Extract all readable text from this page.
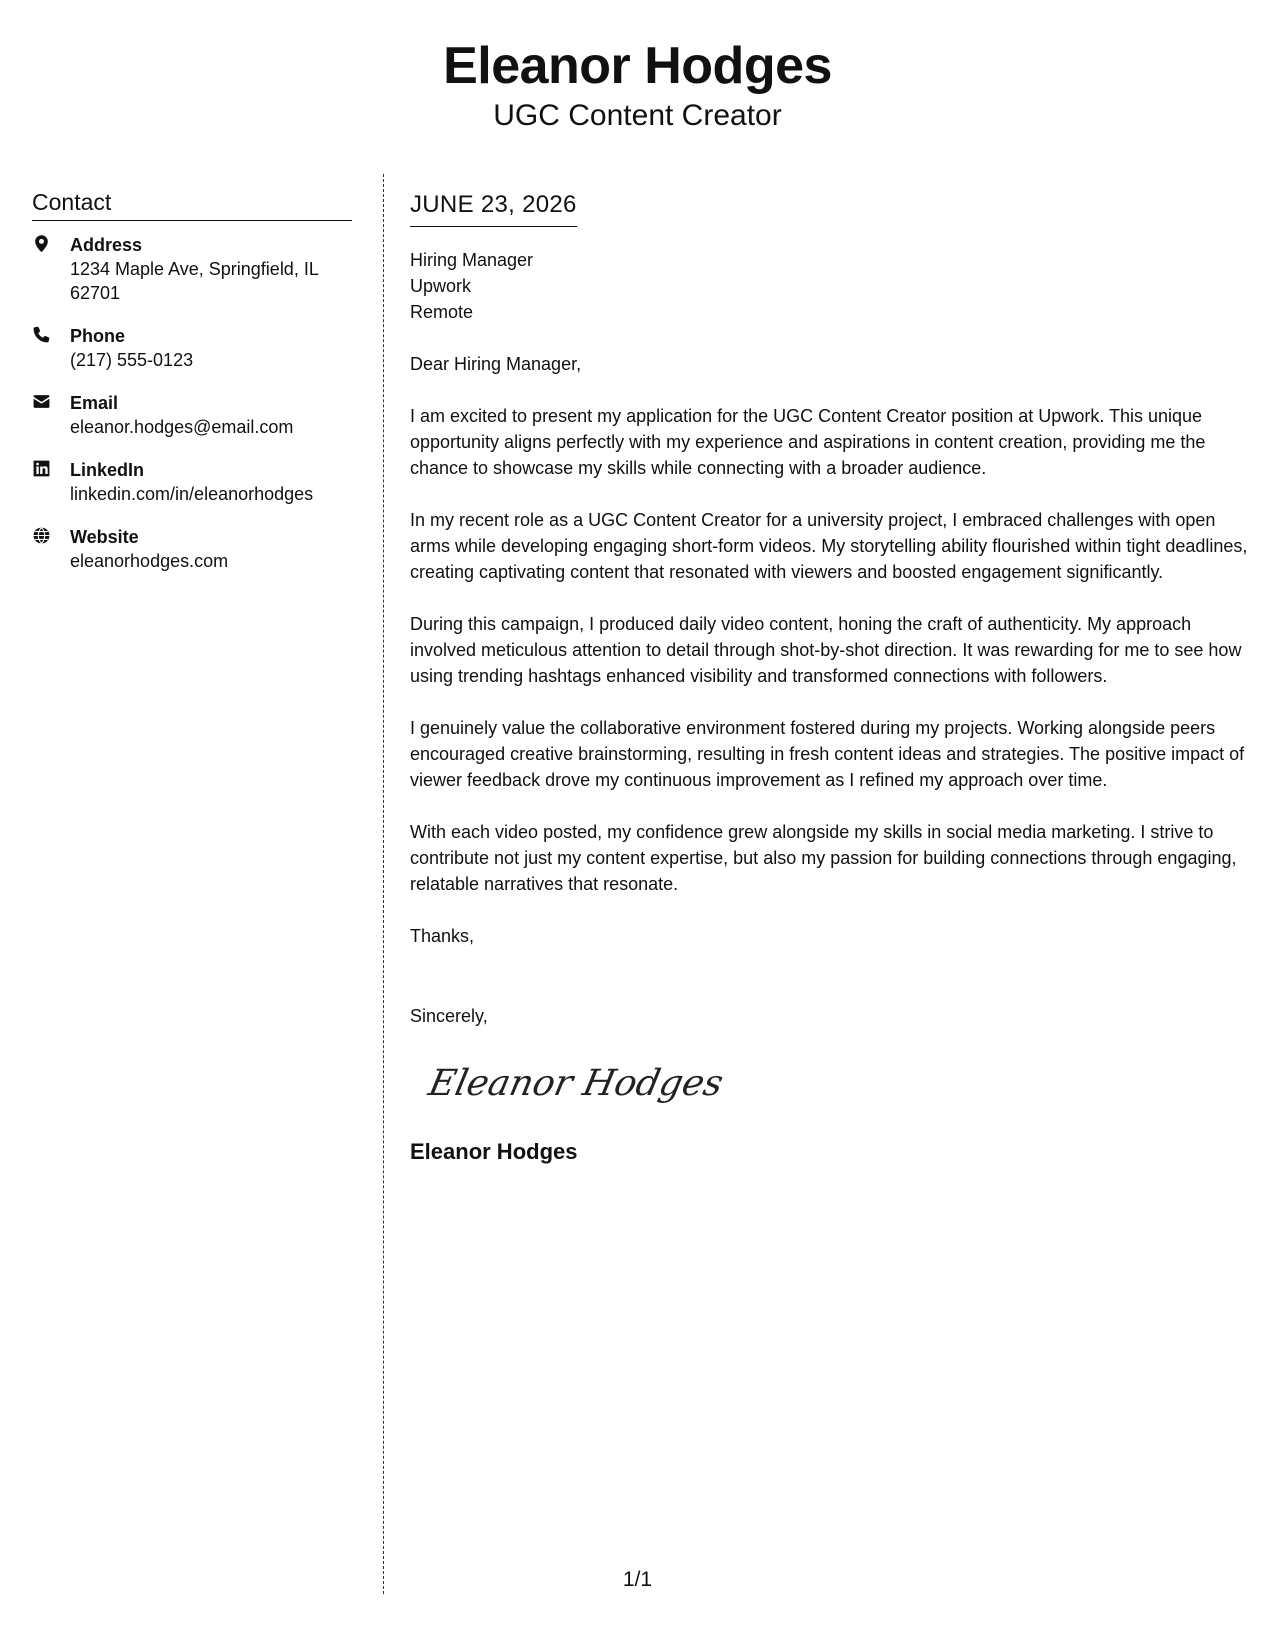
Eleanor Hodges
UGC Content Creator
Contact
Address
1234 Maple Ave, Springfield, IL 62701
Phone
(217) 555-0123
Email
eleanor.hodges@email.com
LinkedIn
linkedin.com/in/eleanorhodges
Website
eleanorhodges.com
JUNE 23, 2026
Hiring Manager
Upwork
Remote

Dear Hiring Manager,

I am excited to present my application for the UGC Content Creator position at Upwork. This unique opportunity aligns perfectly with my experience and aspirations in content creation, providing me the chance to showcase my skills while connecting with a broader audience.

In my recent role as a UGC Content Creator for a university project, I embraced challenges with open arms while developing engaging short-form videos. My storytelling ability flourished within tight deadlines, creating captivating content that resonated with viewers and boosted engagement significantly.

During this campaign, I produced daily video content, honing the craft of authenticity. My approach involved meticulous attention to detail through shot-by-shot direction. It was rewarding for me to see how using trending hashtags enhanced visibility and transformed connections with followers.

I genuinely value the collaborative environment fostered during my projects. Working alongside peers encouraged creative brainstorming, resulting in fresh content ideas and strategies. The positive impact of viewer feedback drove my continuous improvement as I refined my approach over time.

With each video posted, my confidence grew alongside my skills in social media marketing. I strive to contribute not just my content expertise, but also my passion for building connections through engaging, relatable narratives that resonate.

Thanks,

Sincerely,
Eleanor Hodges
Eleanor Hodges
1/1
